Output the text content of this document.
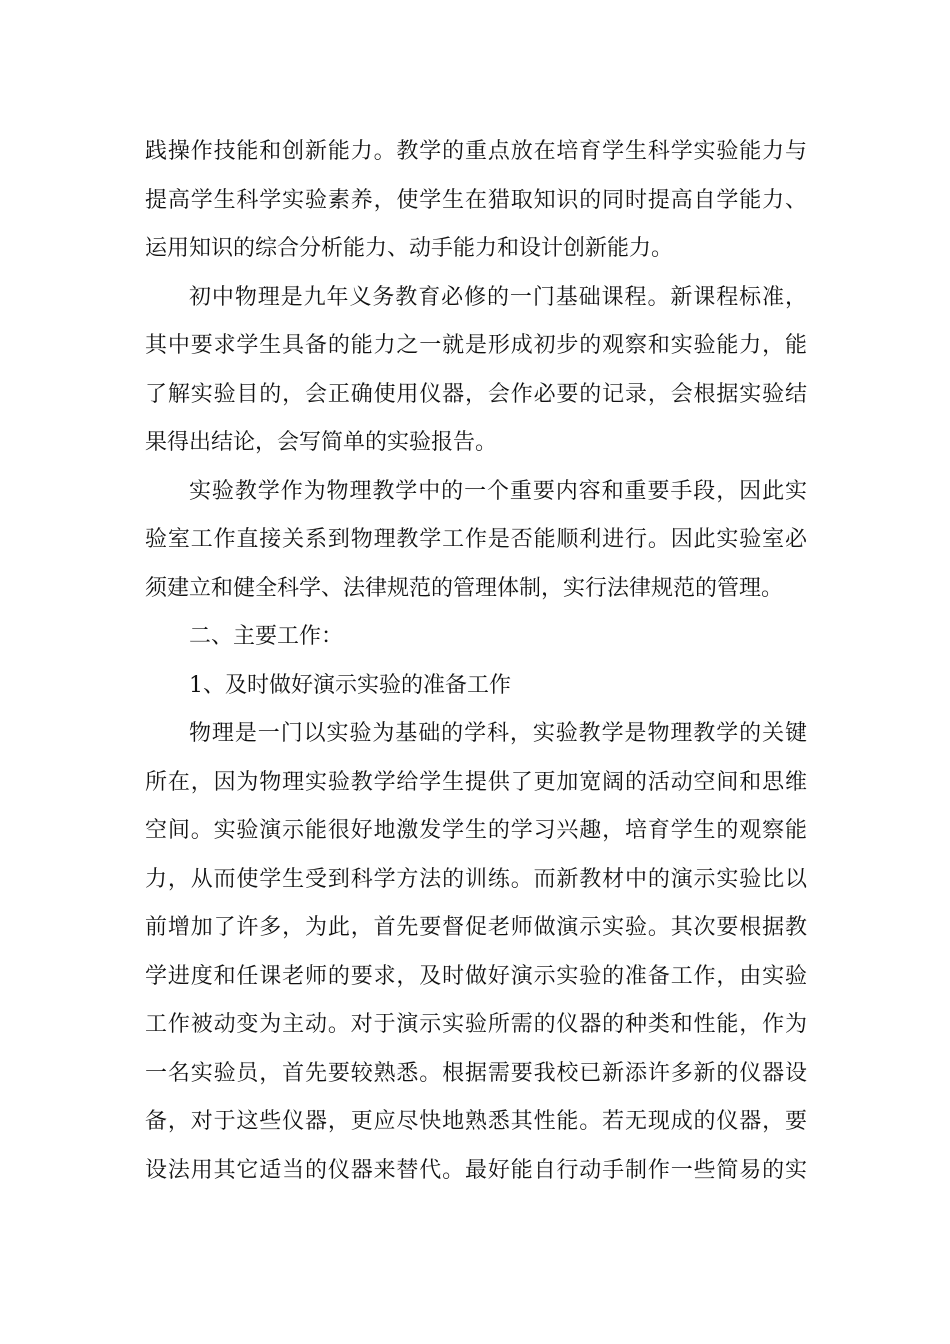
践操作技能和创新能力。教学的重点放在培育学生科学实验能力与
提高学生科学实验素养，使学生在猎取知识的同时提高自学能力、
运用知识的综合分析能力、动手能力和设计创新能力。
初中物理是九年义务教育必修的一门基础课程。新课程标准，
其中要求学生具备的能力之一就是形成初步的观察和实验能力，能
了解实验目的，会正确使用仪器，会作必要的记录，会根据实验结
果得出结论，会写简单的实验报告。
实验教学作为物理教学中的一个重要内容和重要手段，因此实
验室工作直接关系到物理教学工作是否能顺利进行。因此实验室必
须建立和健全科学、法律规范的管理体制，实行法律规范的管理。
二、主要工作：
1、及时做好演示实验的准备工作
物理是一门以实验为基础的学科，实验教学是物理教学的关键
所在，因为物理实验教学给学生提供了更加宽阔的活动空间和思维
空间。实验演示能很好地激发学生的学习兴趣，培育学生的观察能
力，从而使学生受到科学方法的训练。而新教材中的演示实验比以
前增加了许多，为此，首先要督促老师做演示实验。其次要根据教
学进度和任课老师的要求，及时做好演示实验的准备工作，由实验
工作被动变为主动。对于演示实验所需的仪器的种类和性能，作为
一名实验员，首先要较熟悉。根据需要我校已新添许多新的仪器设
备，对于这些仪器，更应尽快地熟悉其性能。若无现成的仪器，要
设法用其它适当的仪器来替代。最好能自行动手制作一些简易的实
